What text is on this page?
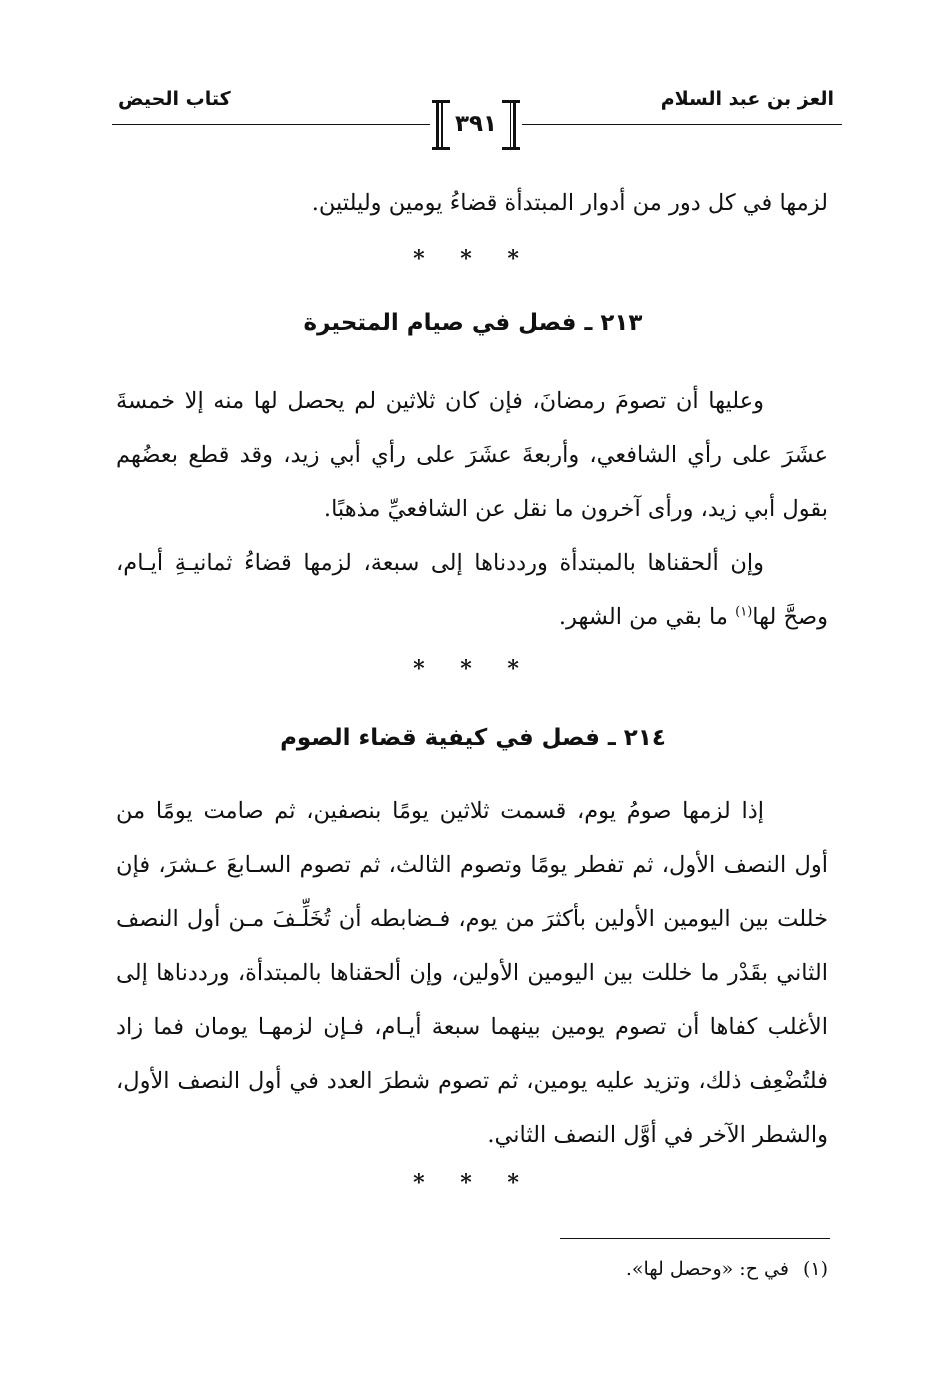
العز بن عبد السلام
كتاب الحيض
٣٩١
لزمها في كل دور من أدوار المبتدأة قضاءُ يومين وليلتين.
* * *
٢١٣ ـ فصل في صيام المتحيرة
وعليها أن تصومَ رمضانَ، فإن كان ثلاثين لم يحصل لها منه إلا خمسةَ عشَرَ على رأي الشافعي، وأربعةَ عشَرَ على رأي أبي زيد، وقد قطع بعضُهم بقول أبي زيد، ورأى آخرون ما نقل عن الشافعيِّ مذهبًا.
وإن ألحقناها بالمبتدأة ورددناها إلى سبعة، لزمها قضاءُ ثمانيـةِ أيـام، وصحَّ لها$^{(١)}$ ما بقي من الشهر.
* * *
٢١٤ ـ فصل في كيفية قضاء الصوم
إذا لزمها صومُ يوم، قسمت ثلاثين يومًا بنصفين، ثم صامت يومًا من أول النصف الأول، ثم تفطر يومًا وتصوم الثالث، ثم تصوم السـابعَ عـشرَ، فإن خللت بين اليومين الأولين بأكثرَ من يوم، فـضابطه أن تُخَلِّـفَ مـن أول النصف الثاني بقَدْر ما خللت بين اليومين الأولين، وإن ألحقناها بالمبتدأة، ورددناها إلى الأغلب كفاها أن تصوم يومين بينهما سبعة أيـام، فـإن لزمهـا يومان فما زاد فلتُضْعِف ذلك، وتزيد عليه يومين، ثم تصوم شطرَ العدد في أول النصف الأول، والشطر الآخر في أوَّل النصف الثاني.
* * *
(١)في ح: «وحصل لها».
